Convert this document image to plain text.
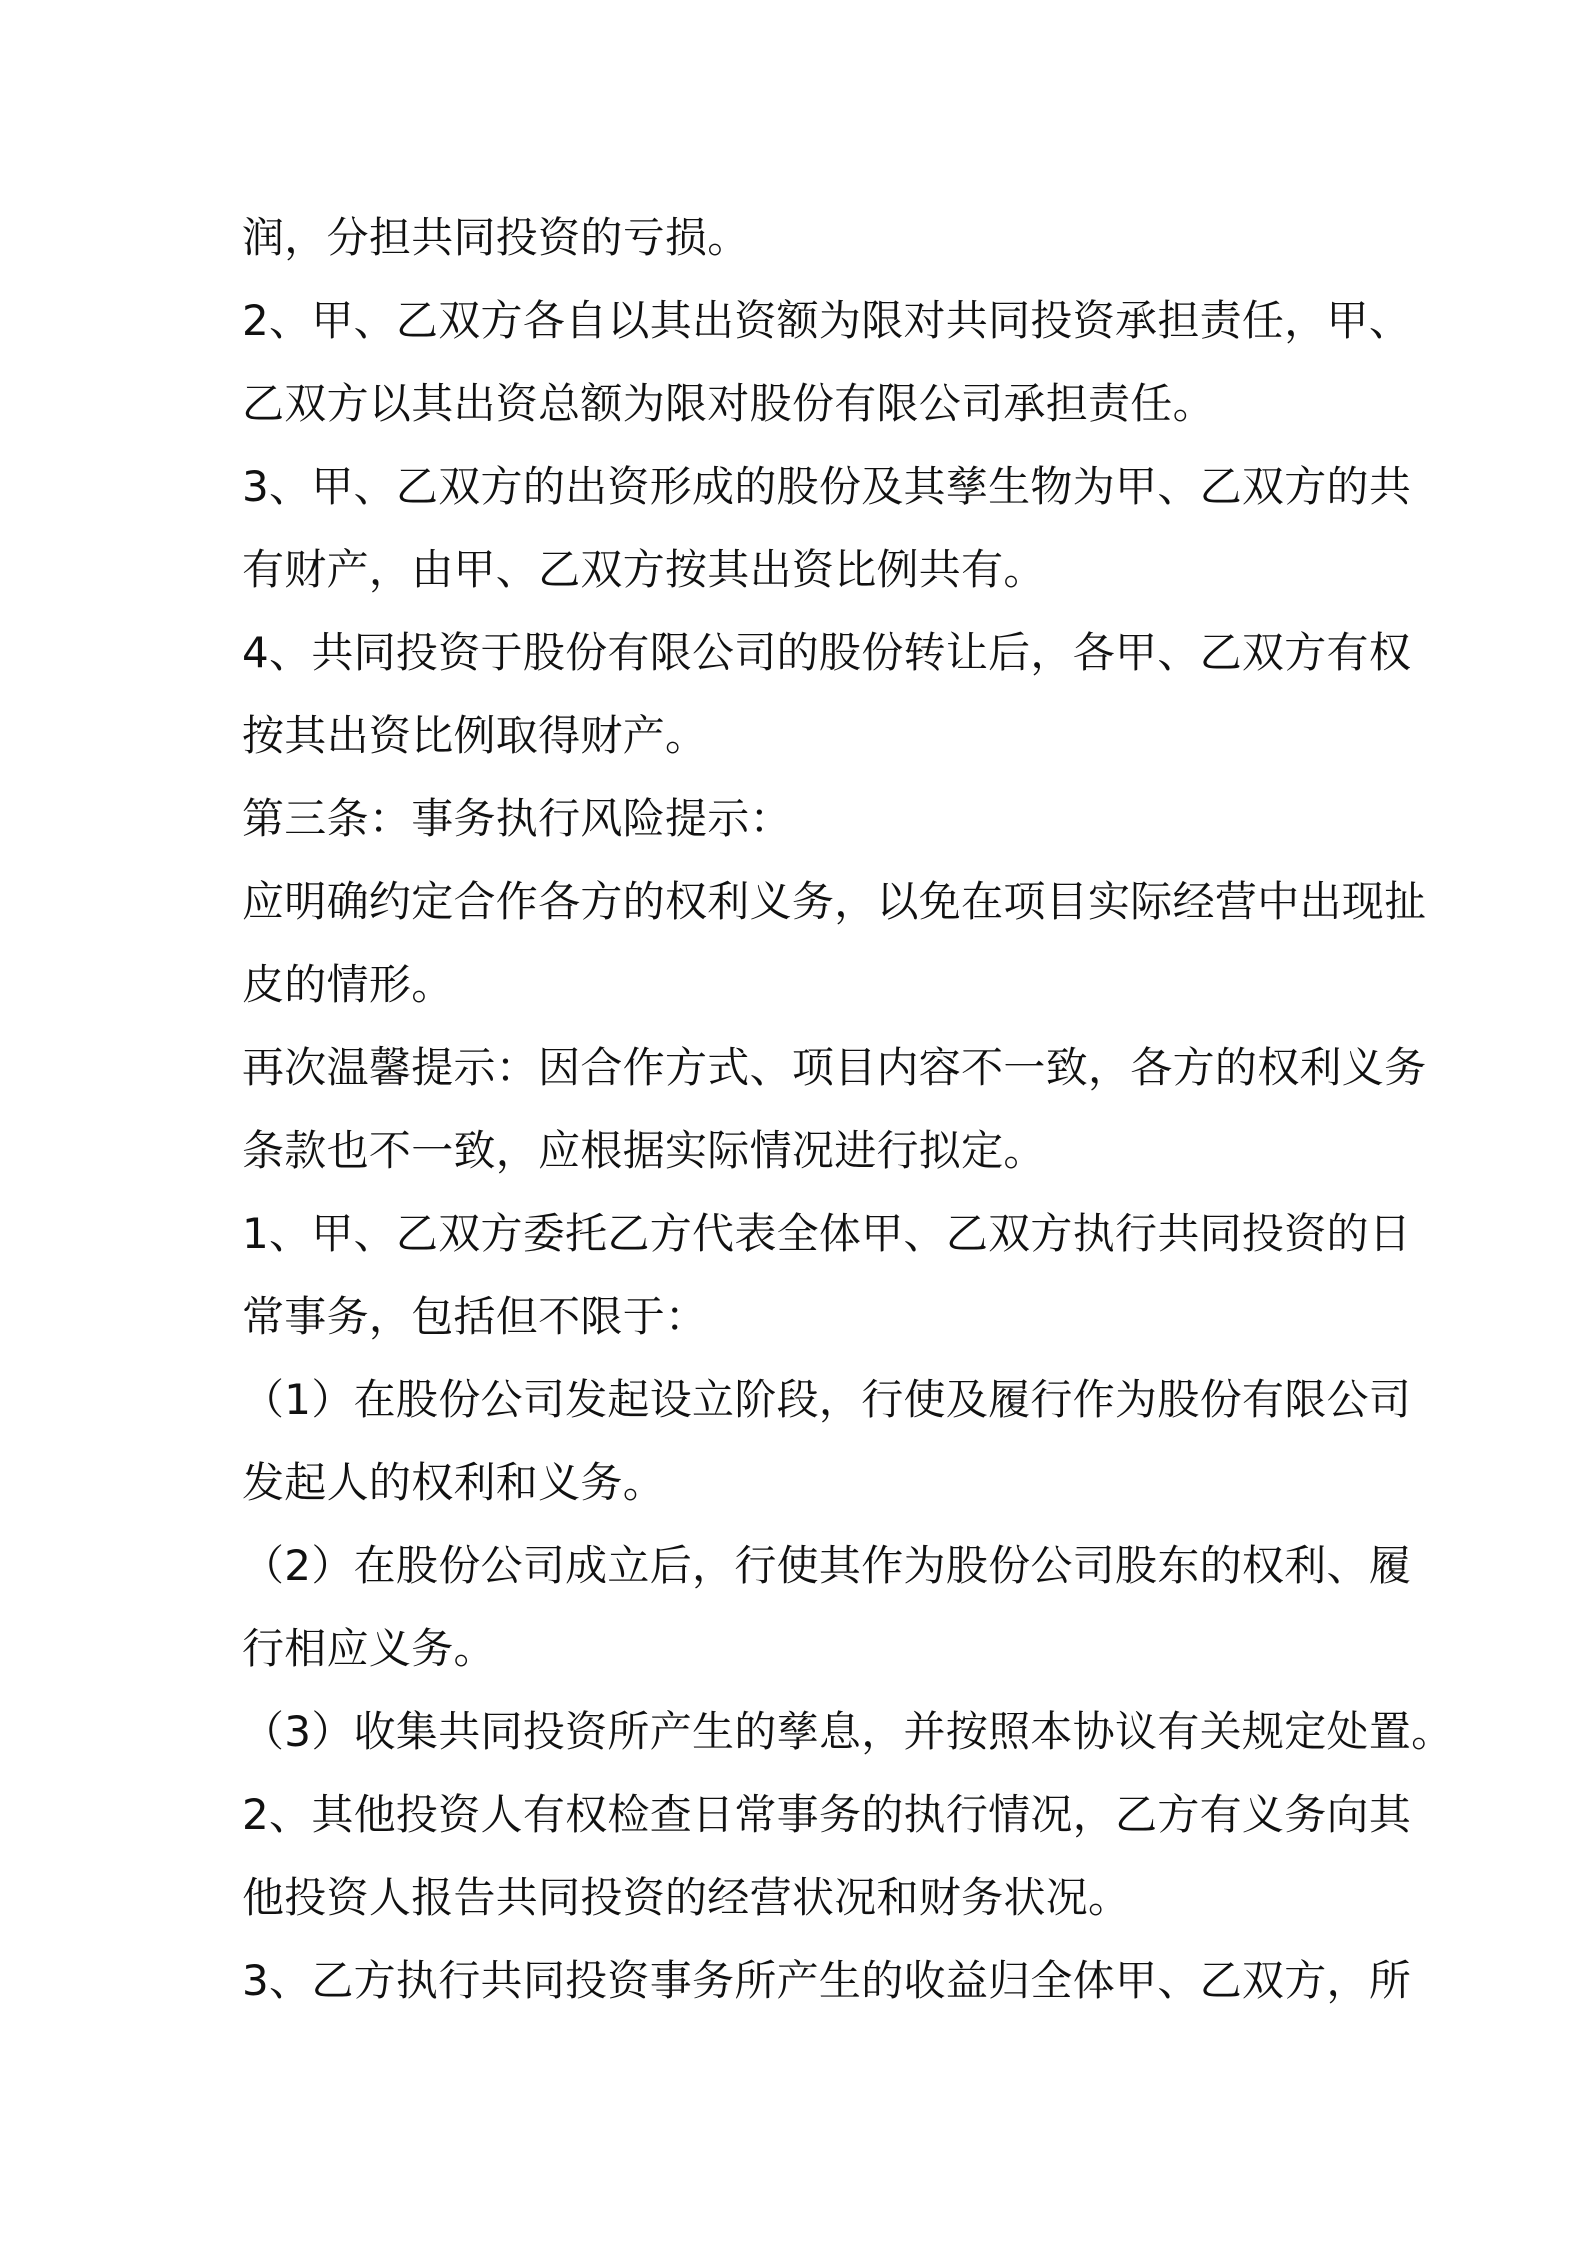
润，分担共同投资的亏损。
2、甲、乙双方各自以其出资额为限对共同投资承担责任，甲、
乙双方以其出资总额为限对股份有限公司承担责任。
3、甲、乙双方的出资形成的股份及其孳生物为甲、乙双方的共
有财产，由甲、乙双方按其出资比例共有。
4、共同投资于股份有限公司的股份转让后，各甲、乙双方有权
按其出资比例取得财产。
第三条：事务执行风险提示：
应明确约定合作各方的权利义务，以免在项目实际经营中出现扯
皮的情形。
再次温馨提示：因合作方式、项目内容不一致，各方的权利义务
条款也不一致，应根据实际情况进行拟定。
1、甲、乙双方委托乙方代表全体甲、乙双方执行共同投资的日
常事务，包括但不限于：
（1）在股份公司发起设立阶段，行使及履行作为股份有限公司
发起人的权利和义务。
（2）在股份公司成立后，行使其作为股份公司股东的权利、履
行相应义务。
（3）收集共同投资所产生的孳息，并按照本协议有关规定处置。
2、其他投资人有权检查日常事务的执行情况，乙方有义务向其
他投资人报告共同投资的经营状况和财务状况。
3、乙方执行共同投资事务所产生的收益归全体甲、乙双方，所
